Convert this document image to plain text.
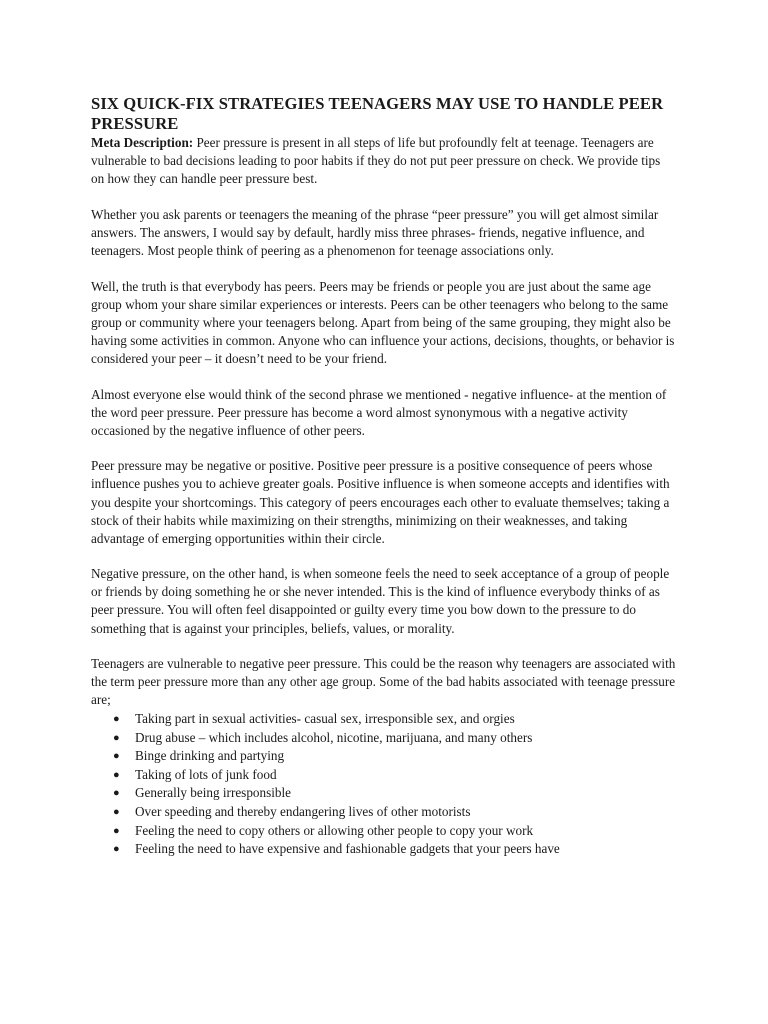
SIX QUICK-FIX STRATEGIES TEENAGERS MAY USE TO HANDLE PEER PRESSURE

Meta Description: Peer pressure is present in all steps of life but profoundly felt at teenage. Teenagers are vulnerable to bad decisions leading to poor habits if they do not put peer pressure on check. We provide tips on how they can handle peer pressure best.

Whether you ask parents or teenagers the meaning of the phrase “peer pressure” you will get almost similar answers. The answers, I would say by default, hardly miss three phrases- friends, negative influence, and teenagers. Most people think of peering as a phenomenon for teenage associations only.

Well, the truth is that everybody has peers. Peers may be friends or people you are just about the same age group whom your share similar experiences or interests. Peers can be other teenagers who belong to the same group or community where your teenagers belong. Apart from being of the same grouping, they might also be having some activities in common. Anyone who can influence your actions, decisions, thoughts, or behavior is considered your peer – it doesn’t need to be your friend.

Almost everyone else would think of the second phrase we mentioned - negative influence- at the mention of the word peer pressure. Peer pressure has become a word almost synonymous with a negative activity occasioned by the negative influence of other peers.

Peer pressure may be negative or positive. Positive peer pressure is a positive consequence of peers whose influence pushes you to achieve greater goals. Positive influence is when someone accepts and identifies with you despite your shortcomings. This category of peers encourages each other to evaluate themselves; taking a stock of their habits while maximizing on their strengths, minimizing on their weaknesses, and taking advantage of emerging opportunities within their circle.

Negative pressure, on the other hand, is when someone feels the need to seek acceptance of a group of people or friends by doing something he or she never intended. This is the kind of influence everybody thinks of as peer pressure. You will often feel disappointed or guilty every time you bow down to the pressure to do something that is against your principles, beliefs, values, or morality.

Teenagers are vulnerable to negative peer pressure. This could be the reason why teenagers are associated with the term peer pressure more than any other age group. Some of the bad habits associated with teenage pressure are;

● Taking part in sexual activities- casual sex, irresponsible sex, and orgies
● Drug abuse – which includes alcohol, nicotine, marijuana, and many others
● Binge drinking and partying
● Taking of lots of junk food
● Generally being irresponsible
● Over speeding and thereby endangering lives of other motorists
● Feeling the need to copy others or allowing other people to copy your work
● Feeling the need to have expensive and fashionable gadgets that your peers have
